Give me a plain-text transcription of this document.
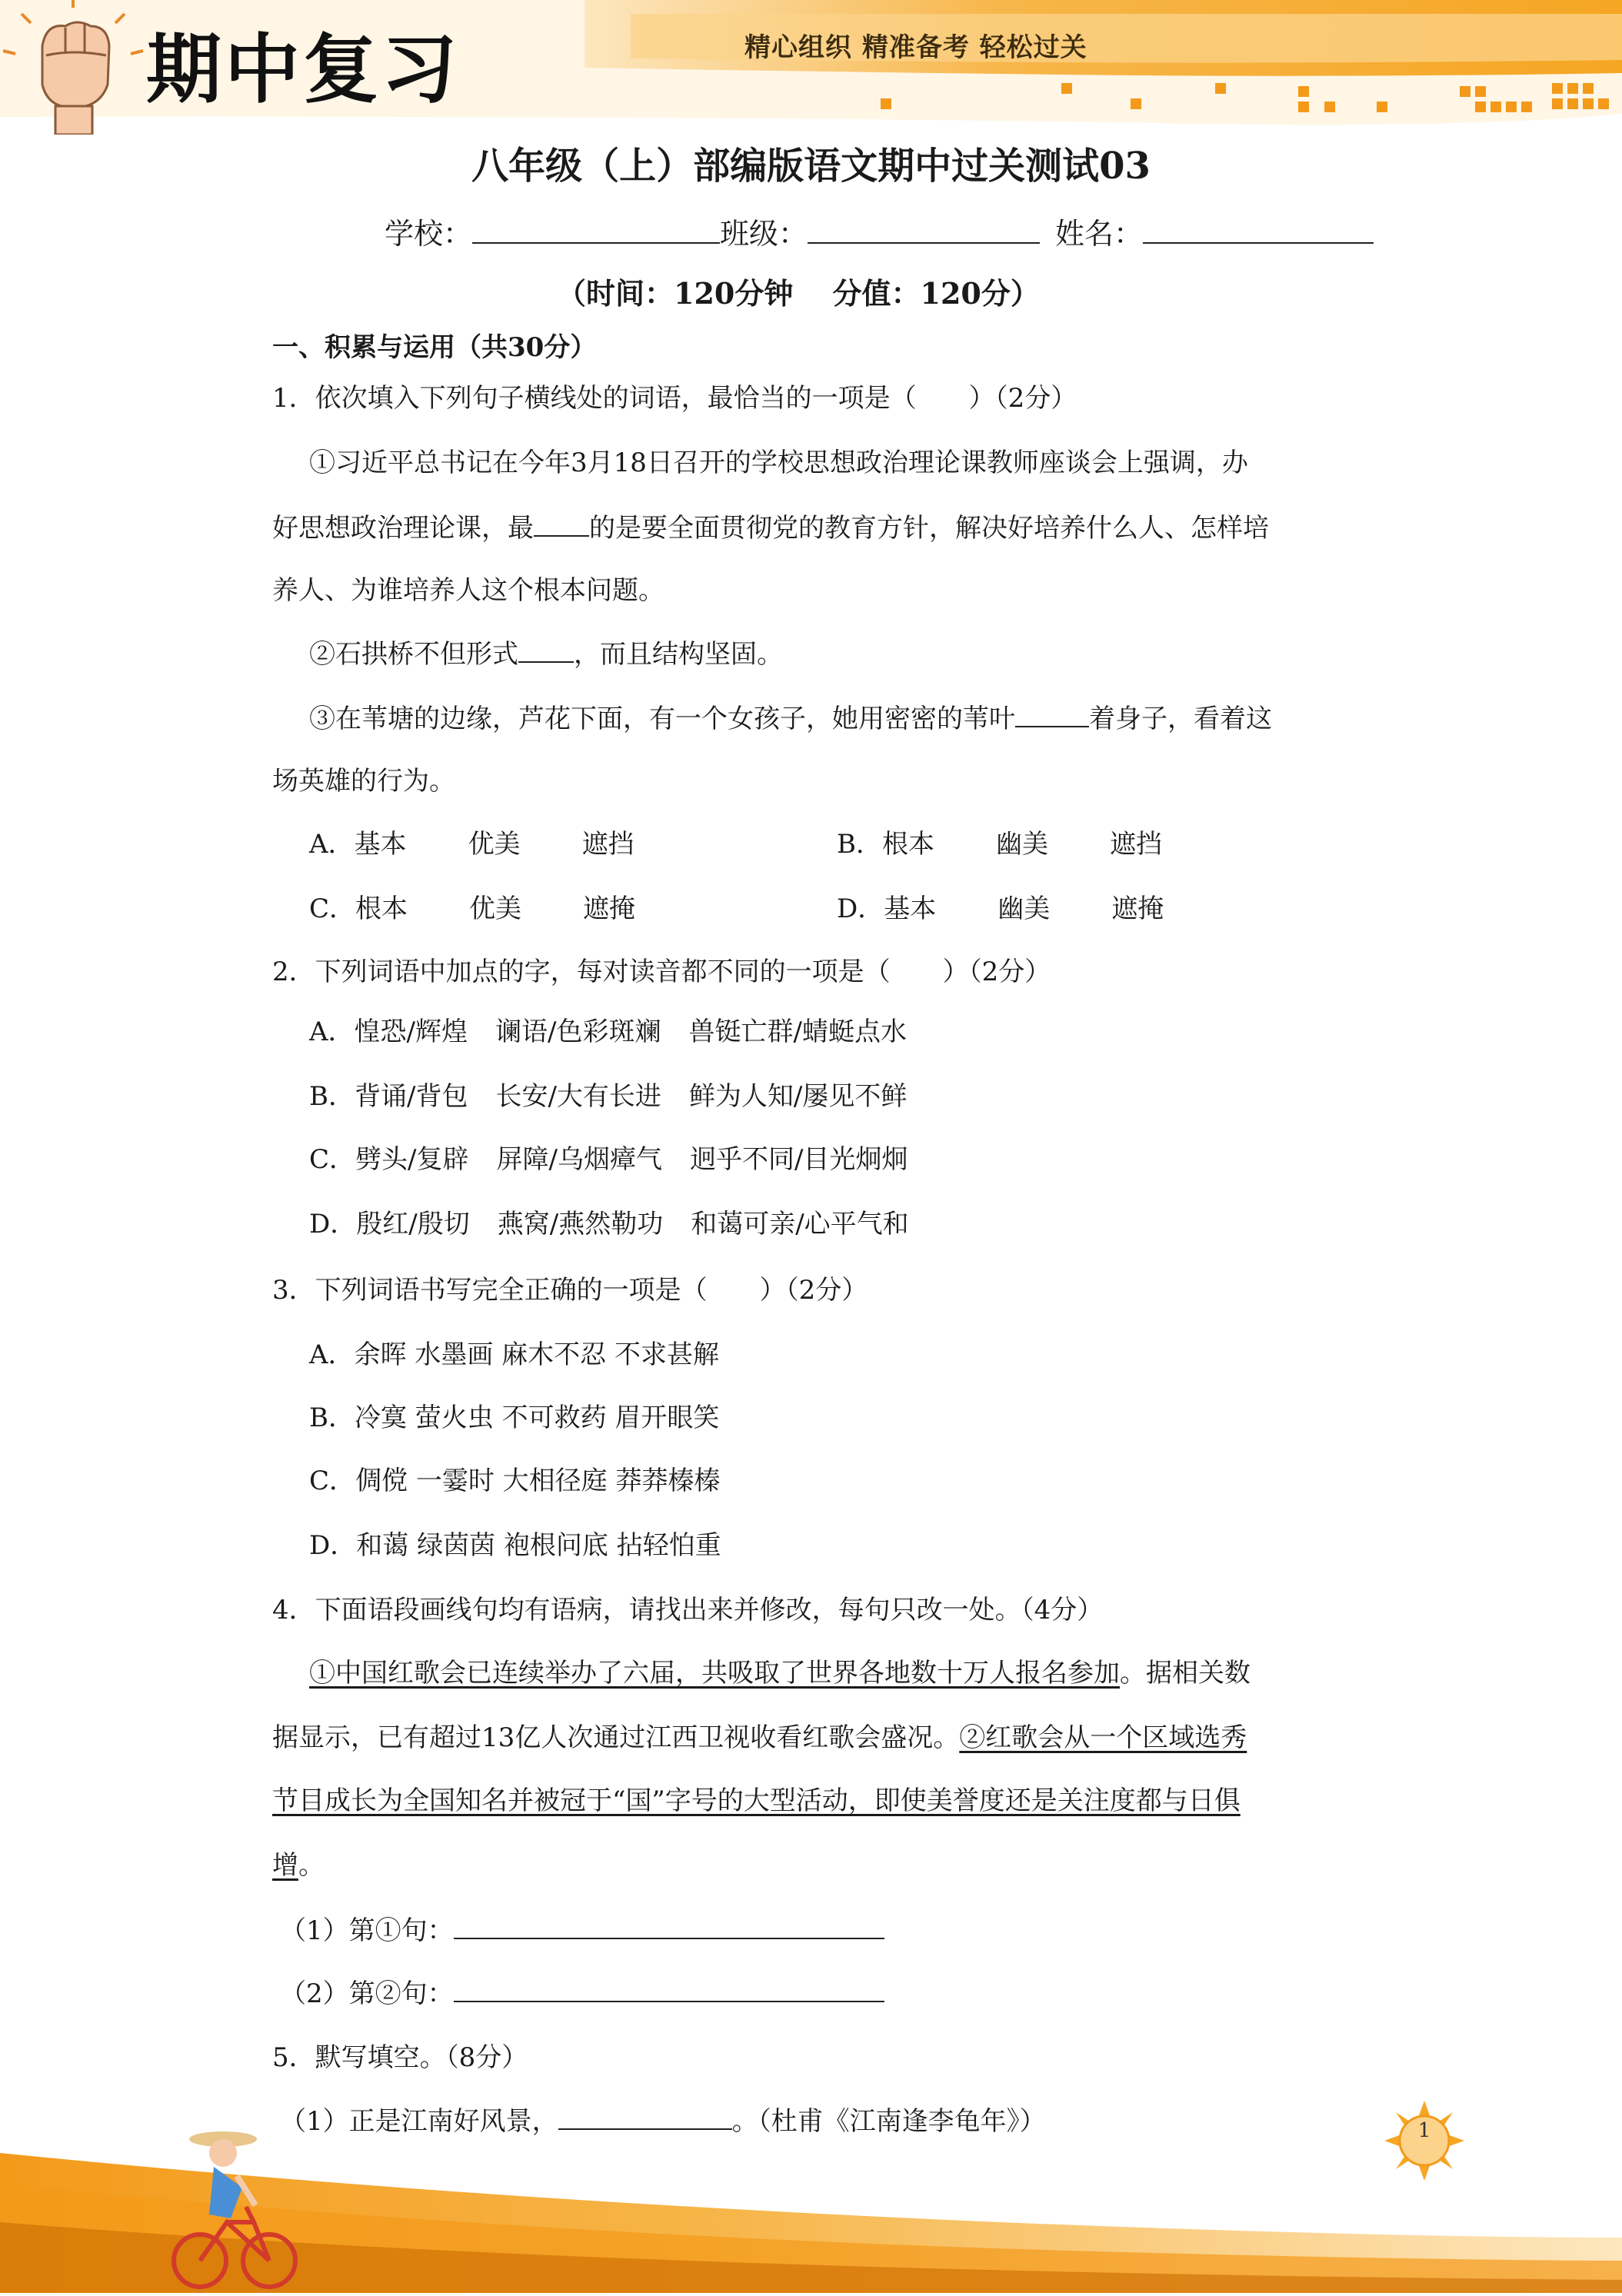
期中复习	精心组织 精准备考 轻松过关
八年级（上）部编版语文期中过关测试03
学校：	班级：	姓名：
（时间：120分钟　 分值：120分）
一、积累与运用（共30分）
1．依次填入下列句子横线处的词语，最恰当的一项是（　　）（2分）
①习近平总书记在今年3月18日召开的学校思想政治理论课教师座谈会上强调，办
好思想政治理论课，最 的是要全面贯彻党的教育方针，解决好培养什么人、怎样培
养人、为谁培养人这个根本问题。
②石拱桥不但形式 ，而且结构坚固。
③在苇塘的边缘，芦花下面，有一个女孩子，她用密密的苇叶	着身子，看着这
场英雄的行为。
A．基本 优美 遮挡	B．根本 幽美 遮挡
C．根本 优美 遮掩	D．基本 幽美 遮掩
2．下列词语中加点的字，每对读音都不同的一项是（　　）（2分）
A．惶恐/辉煌 谰语/色彩斑斓 兽铤亡群/蜻蜓点水
B．背诵/背包 长安/大有长进 鲜为人知/屡见不鲜
C．劈头/复辟 屏障/乌烟瘴气 迥乎不同/目光炯炯
D．殷红/殷切 燕窝/燕然勒功 和蔼可亲/心平气和
3．下列词语书写完全正确的一项是（　　）（2分）
A．余晖 水墨画 麻木不忍 不求甚解
B．冷寞 萤火虫 不可救药 眉开眼笑
C．倜傥 一霎时 大相径庭 莽莽榛榛
D．和蔼 绿茵茵 袍根问底 拈轻怕重
4．下面语段画线句均有语病，请找出来并修改，每句只改一处。（4分）
①中国红歌会已连续举办了六届，共吸取了世界各地数十万人报名参加。据相关数
据显示，已有超过13亿人次通过江西卫视收看红歌会盛况。②红歌会从一个区域选秀
节目成长为全国知名并被冠于“国”字号的大型活动，即使美誉度还是关注度都与日俱
增。
（1）第①句：
（2）第②句：
5．默写填空。（8分）
（1）正是江南好风景，	。（杜甫《江南逢李龟年》）	1
